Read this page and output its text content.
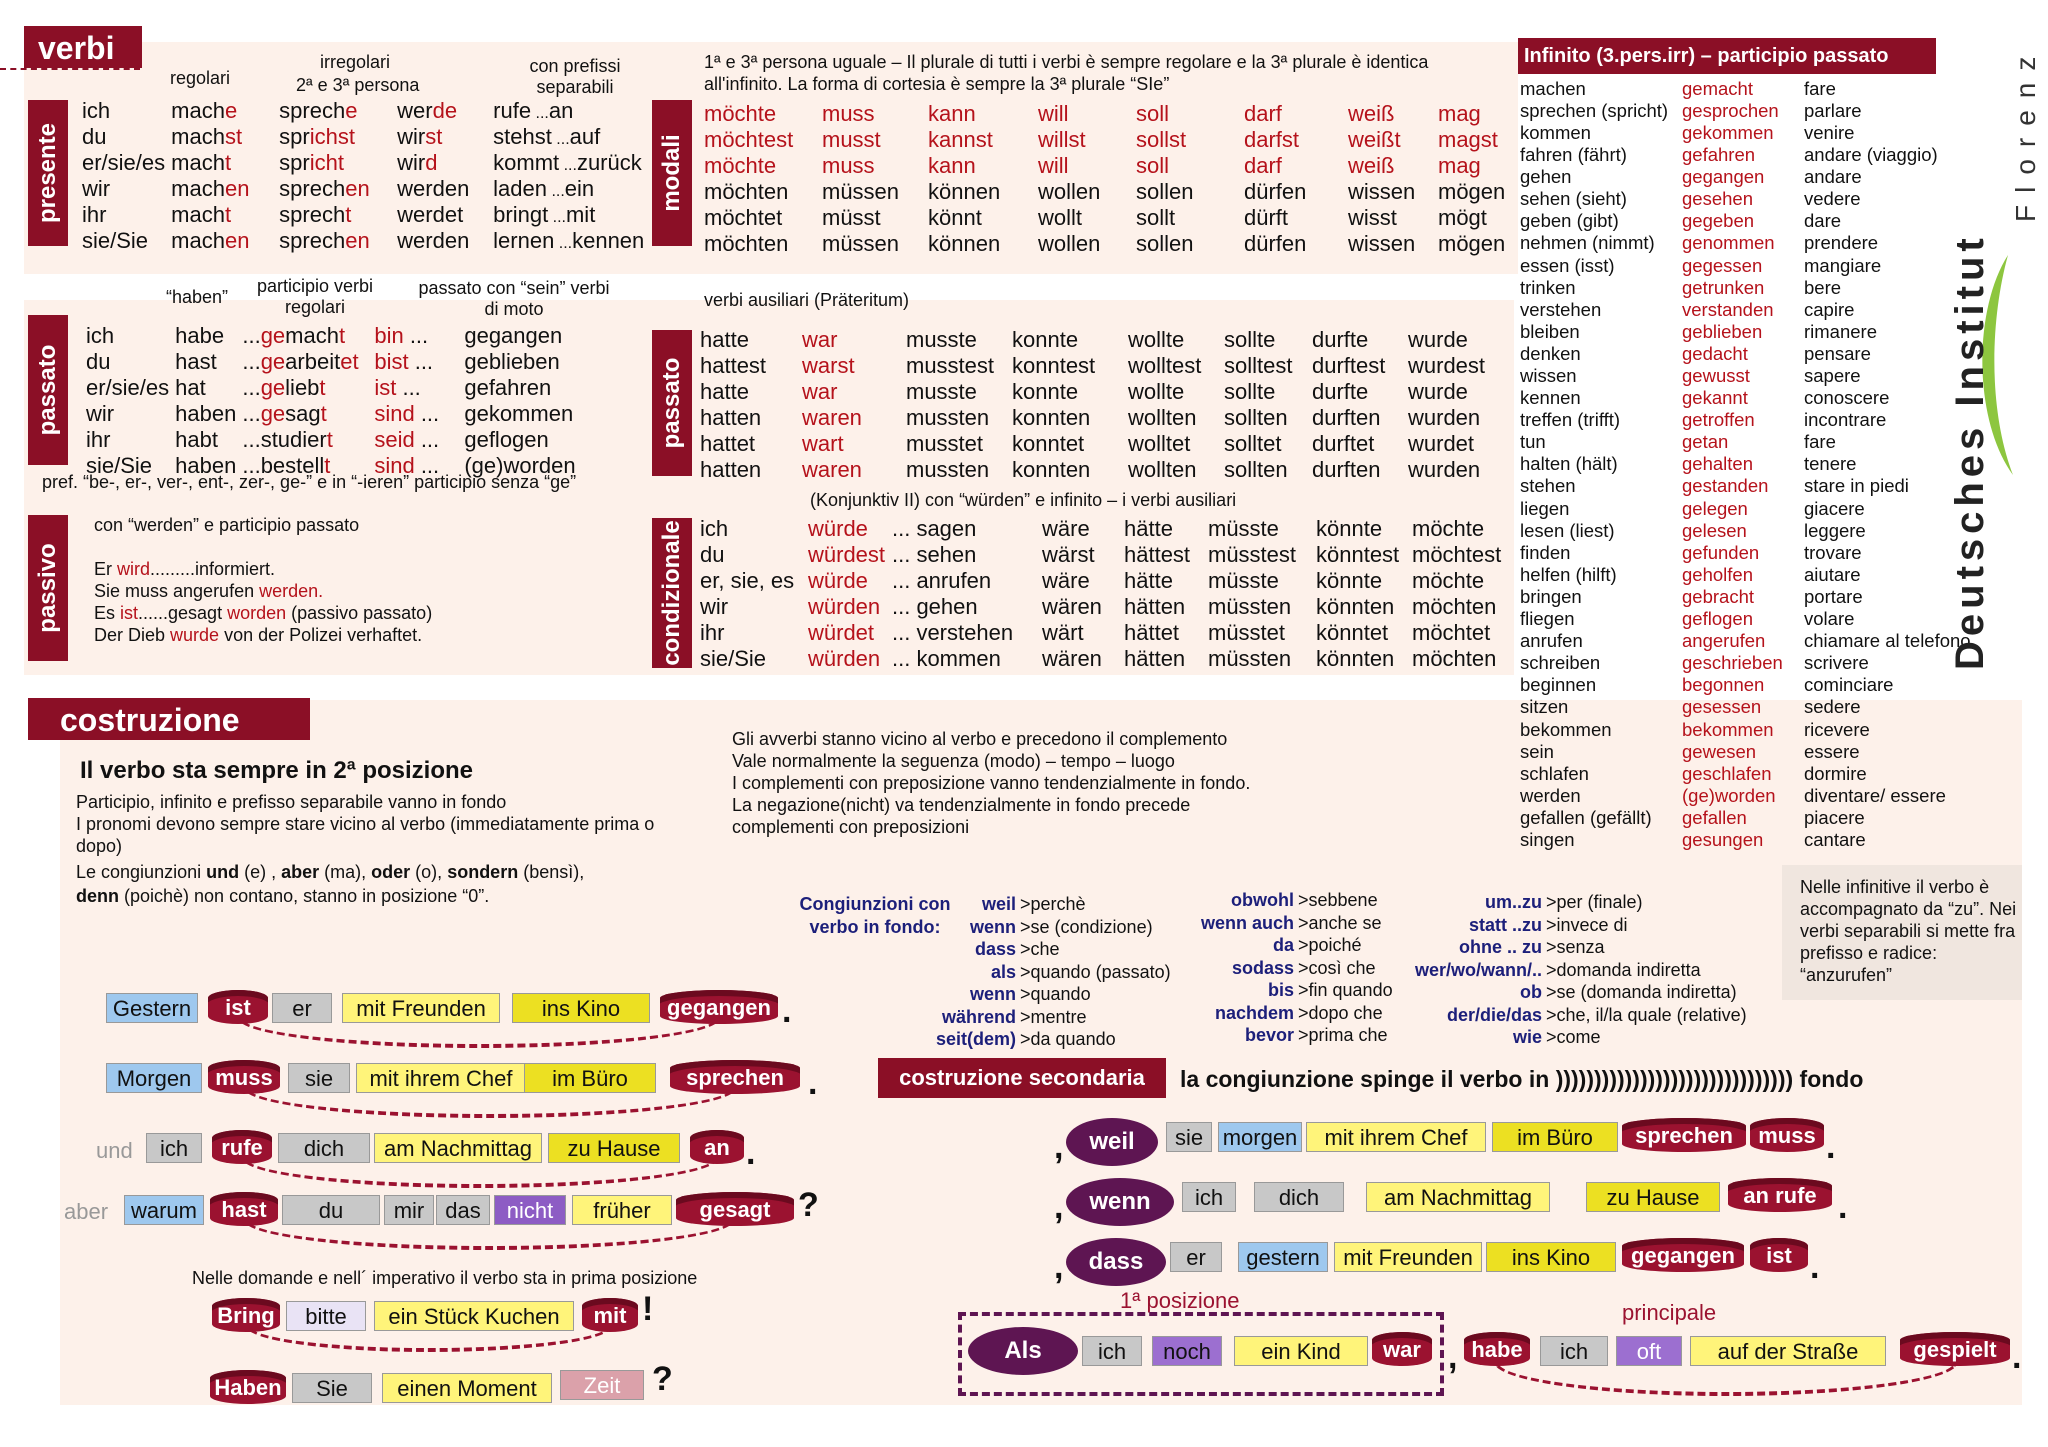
verbi
presente
regolari
irregolari
2ª e 3ª persona
con prefissi separabili
ich	mache	spreche	werde	rufe ...an
du	machst	sprichst	wirst	stehst ...auf
er/sie/es	macht	spricht	wird	kommt ...zurück
wir	machen	sprechen	werden	laden ...ein
ihr	macht	sprecht	werdet	bringt ...mit
sie/Sie	machen	sprechen	werden	lernen ...kennen
modali
1ª e 3ª persona uguale – Il plurale di tutti i verbi è sempre regolare e la 3ª plurale è identica all'infinito. La forma di cortesia è sempre la 3ª plurale “SIe”
möchte	muss	kann	will	soll	darf	weiß	mag
möchtest	musst	kannst	willst	sollst	darfst	weißt	magst
möchte	muss	kann	will	soll	darf	weiß	mag
möchten	müssen	können	wollen	sollen	dürfen	wissen	mögen
möchtet	müsst	könnt	wollt	sollt	dürft	wisst	mögt
möchten	müssen	können	wollen	sollen	dürfen	wissen	mögen
passato
“haben”
participio verbi regolari
passato con “sein” verbi di moto
ich	habe	...gemacht	bin ...	gegangen
du	hast	...gearbeitet	bist ...	geblieben
er/sie/es	hat	...geliebt	ist ...	gefahren
wir	haben	...gesagt	sind ...	gekommen
ihr	habt	...studiert	seid ...	geflogen
sie/Sie	haben	...bestellt	sind ...	(ge)worden
pref. “be-, er-, ver-, ent-, zer-, ge-” e in “-ieren” participio senza “ge”
verbi ausiliari (Präteritum)
passato
hatte	war	musste	konnte	wollte	sollte	durfte	wurde
hattest	warst	musstest	konntest	wolltest	solltest	durftest	wurdest
hatte	war	musste	konnte	wollte	sollte	durfte	wurde
hatten	waren	mussten	konnten	wollten	sollten	durften	wurden
hattet	wart	musstet	konntet	wolltet	solltet	durftet	wurdet
hatten	waren	mussten	konnten	wollten	sollten	durften	wurden
passivo
con “werden” e participio passato
Er wird.........informiert.
Sie muss angerufen werden.
Es ist......gesagt worden (passivo passato)
Der Dieb wurde von der Polizei verhaftet.
(Konjunktiv II) con “würden” e infinito – i verbi ausiliari
condizionale ich	würde	... sagen	wäre	hätte	müsste	könnte	möchte
du	würdest	... sehen	wärst	hättest	müsstest	könntest	möchtest
er, sie, es	würde	... anrufen	wäre	hätte	müsste	könnte	möchte
wir	würden	... gehen	wären	hätten	müssten	könnten	möchten
ihr	würdet	... verstehen	wärt	hättet	müsstet	könntet	möchtet
sie/Sie	würden	... kommen	wären	hätten	müssten	könnten	möchten
Infinito (3.pers.irr) – participio passato
machen	gemacht	fare
sprechen (spricht)	gesprochen	parlare
kommen	gekommen	venire
fahren (fährt)	gefahren	andare (viaggio)
gehen	gegangen	andare
sehen (sieht)	gesehen	vedere
geben (gibt)	gegeben	dare
nehmen (nimmt)	genommen	prendere
essen (isst)	gegessen	mangiare
trinken	getrunken	bere
verstehen	verstanden	capire
bleiben	geblieben	rimanere
denken	gedacht	pensare
wissen	gewusst	sapere
kennen	gekannt	conoscere
treffen (trifft)	getroffen	incontrare
tun	getan	fare
halten (hält)	gehalten	tenere
stehen	gestanden	stare in piedi
liegen	gelegen	giacere
lesen (liest)	gelesen	leggere
finden	gefunden	trovare
helfen (hilft)	geholfen	aiutare
bringen	gebracht	portare
fliegen	geflogen	volare
anrufen	angerufen	chiamare al telefono
schreiben	geschrieben	scrivere
beginnen	begonnen	cominciare
sitzen	gesessen	sedere
bekommen	bekommen	ricevere
sein	gewesen	essere
schlafen	geschlafen	dormire
werden	(ge)worden	diventare/ essere
gefallen (gefällt)	gefallen	piacere
singen	gesungen	cantare
Deutsches Institut
Florenz
costruzione
Il verbo sta sempre in 2ª posizione
Participio, infinito e prefisso separabile vanno in fondo
I pronomi devono sempre stare vicino al verbo (immediatamente prima o dopo)
Le congiunzioni und (e) , aber (ma), oder (o), sondern (bensì),
denn (poichè) non contano, stanno in posizione “0”.
Gli avverbi stanno vicino al verbo e precedono il complemento
Vale normalmente la seguenza (modo) – tempo – luogo
I complementi con preposizione vanno tendenzialmente in fondo.
La negazione(nicht) va tendenzialmente in fondo precede
complementi con preposizioni
Congiunzioni con verbo in fondo:
weil >perchè
wenn >se (condizione)
dass >che
als >quando (passato)
wenn >quando
während >mentre
seit(dem) >da quando
obwohl >sebbene
wenn auch >anche se
da >poiché
sodass >così che
bis >fin quando
nachdem >dopo che
bevor >prima che
um..zu >per (finale)
statt ..zu >invece di
ohne .. zu >senza
wer/wo/wann/.. >domanda indiretta
ob >se (domanda indiretta)
der/die/das >che, il/la quale (relative)
wie >come
Nelle infinitive il verbo è accompagnato da “zu”. Nei verbi separabili si mette fra prefisso e radice: “anzurufen”
Gestern	ist	er	mit Freunden	ins Kino	gegangen .
Morgen	muss	sie	mit ihrem Chef	im Büro	sprechen .
und	ich	rufe	dich	am Nachmittag	zu Hause	an .
aber	warum	hast	du	mir das	nicht	früher	gesagt ?
Nelle domande e nell´ imperativo il verbo sta in prima posizione
Bring	bitte	ein Stück Kuchen	mit !
Haben	Sie	einen Moment	Zeit ?
costruzione secondaria	la congiunzione spinge il verbo in ))))))))))))))))))))))))))))))) fondo
,	weil	sie morgen	mit ihrem Chef	im Büro	sprechen	muss .
,	wenn	ich	dich	am Nachmittag	zu Hause	an rufe .
,	dass	er	gestern	mit Freunden	ins Kino	gegangen	ist .
1ª posizione	principale
Als	ich	noch	ein Kind	war , habe	ich	oft	auf der Straße	gespielt .
